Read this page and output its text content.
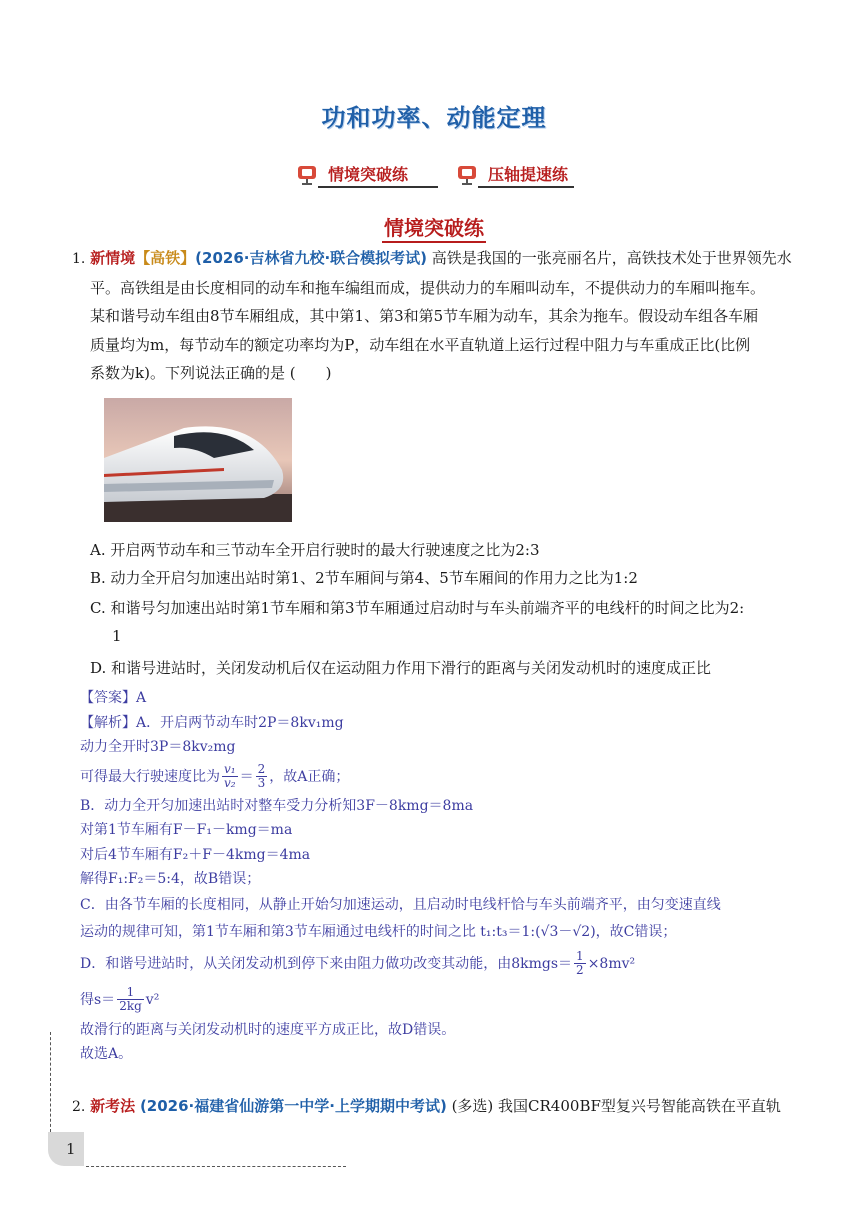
功和功率、动能定理
情境突破练	压轴提速练
情境突破练
1. 新情境【高铁】(2026·吉林省九校·联合模拟考试) 高铁是我国的一张亮丽名片，高铁技术处于世界领先水
平。高铁组是由长度相同的动车和拖车编组而成，提供动力的车厢叫动车，不提供动力的车厢叫拖车。
某和谐号动车组由8节车厢组成，其中第1、第3和第5节车厢为动车，其余为拖车。假设动车组各车厢
质量均为m，每节动车的额定功率均为P，动车组在水平直轨道上运行过程中阻力与车重成正比(比例
系数为k)。下列说法正确的是 (　　)
A. 开启两节动车和三节动车全开启行驶时的最大行驶速度之比为2:3
B. 动力全开启匀加速出站时第1、2节车厢间与第4、5节车厢间的作用力之比为1:2
C. 和谐号匀加速出站时第1节车厢和第3节车厢通过启动时与车头前端齐平的电线杆的时间之比为2:
1
D. 和谐号进站时，关闭发动机后仅在运动阻力作用下滑行的距离与关闭发动机时的速度成正比
【答案】A
【解析】A．开启两节动车时2P＝8kv₁mg
动力全开时3P＝8kv₂mg
可得最大行驶速度比为 $\frac{\text{v₁}}{\text{v₂}} = \frac{2}{3}$ ，故A正确；
B．动力全开匀加速出站时对整车受力分析知3F－8kmg＝8ma
对第1节车厢有F－F₁－kmg＝ma
对后4节车厢有F₂＋F－4kmg＝4ma
解得F₁:F₂＝5:4，故B错误；
C．由各节车厢的长度相同，从静止开始匀加速运动，且启动时电线杆恰与车头前端齐平，由匀变速直线
运动的规律可知，第1节车厢和第3节车厢通过电线杆的时间之比 t₁:t₃＝1:(√3－√2)，故C错误；
D．和谐号进站时，从关闭发动机到停下来由阻力做功改变其动能，由8kmgs＝ $\frac{1}{2} \times 8mv^2$
得$s= \frac{1}{2kg} v^2$
故滑行的距离与关闭发动机时的速度平方成正比，故D错误。
故选A。
2. 新考法 (2026·福建省仙游第一中学·上学期期中考试) (多选) 我国CR400BF型复兴号智能高铁在平直轨
1
